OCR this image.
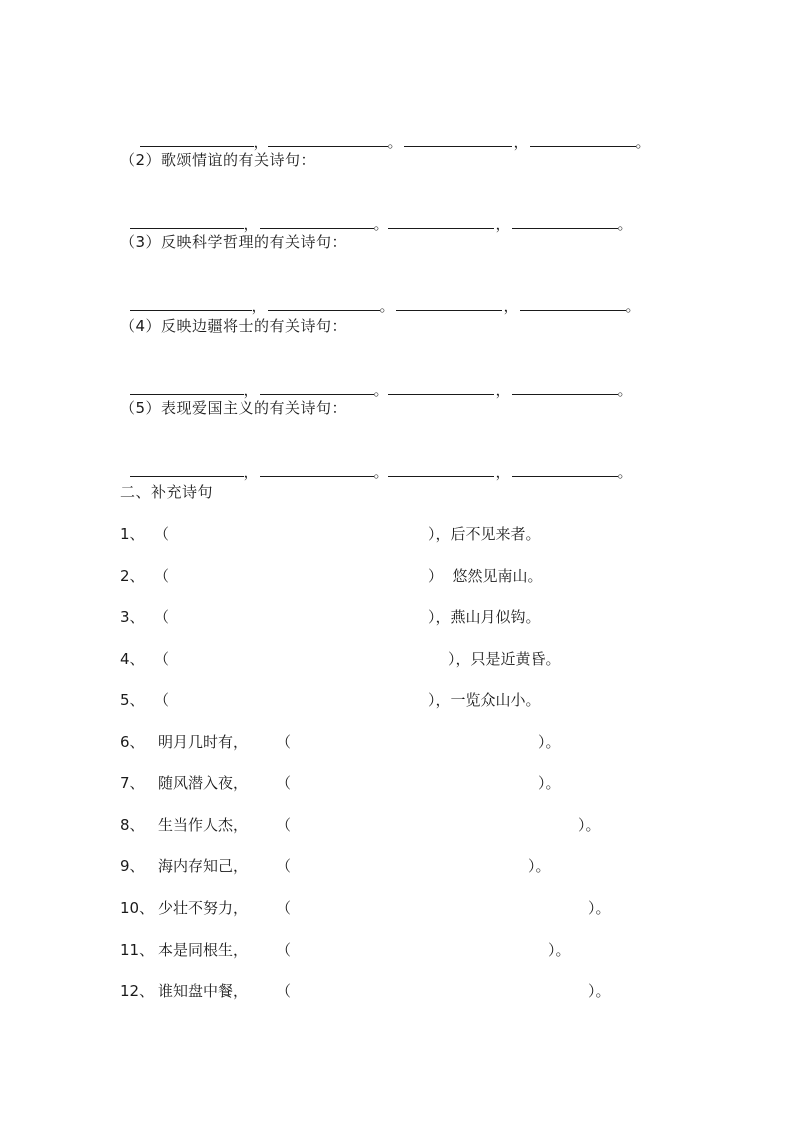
，	。	，	。

（2）歌颂情谊的有关诗句：

，	。	，	。

（3）反映科学哲理的有关诗句：

，	。	，	。

（4）反映边疆将士的有关诗句：

，	。	，	。

（5）表现爱国主义的有关诗句：

，	。	，	。

二、补充诗句

1、

（

	），后不见来者。

2、

（

	）  悠然见南山。

3、

（

	），燕山月似钩。

4、

（

	），只是近黄昏。

5、

（

	），一览众山小。

6、

明月几时有，

（

	）。

7、

随风潜入夜，

（

	）。

8、

生当作人杰，

（

	）。

9、

海内存知己，

（

	）。

10、

少壮不努力，

（

	）。

11、

本是同根生，

（

	）。

12、

谁知盘中餐，

（

	）。
